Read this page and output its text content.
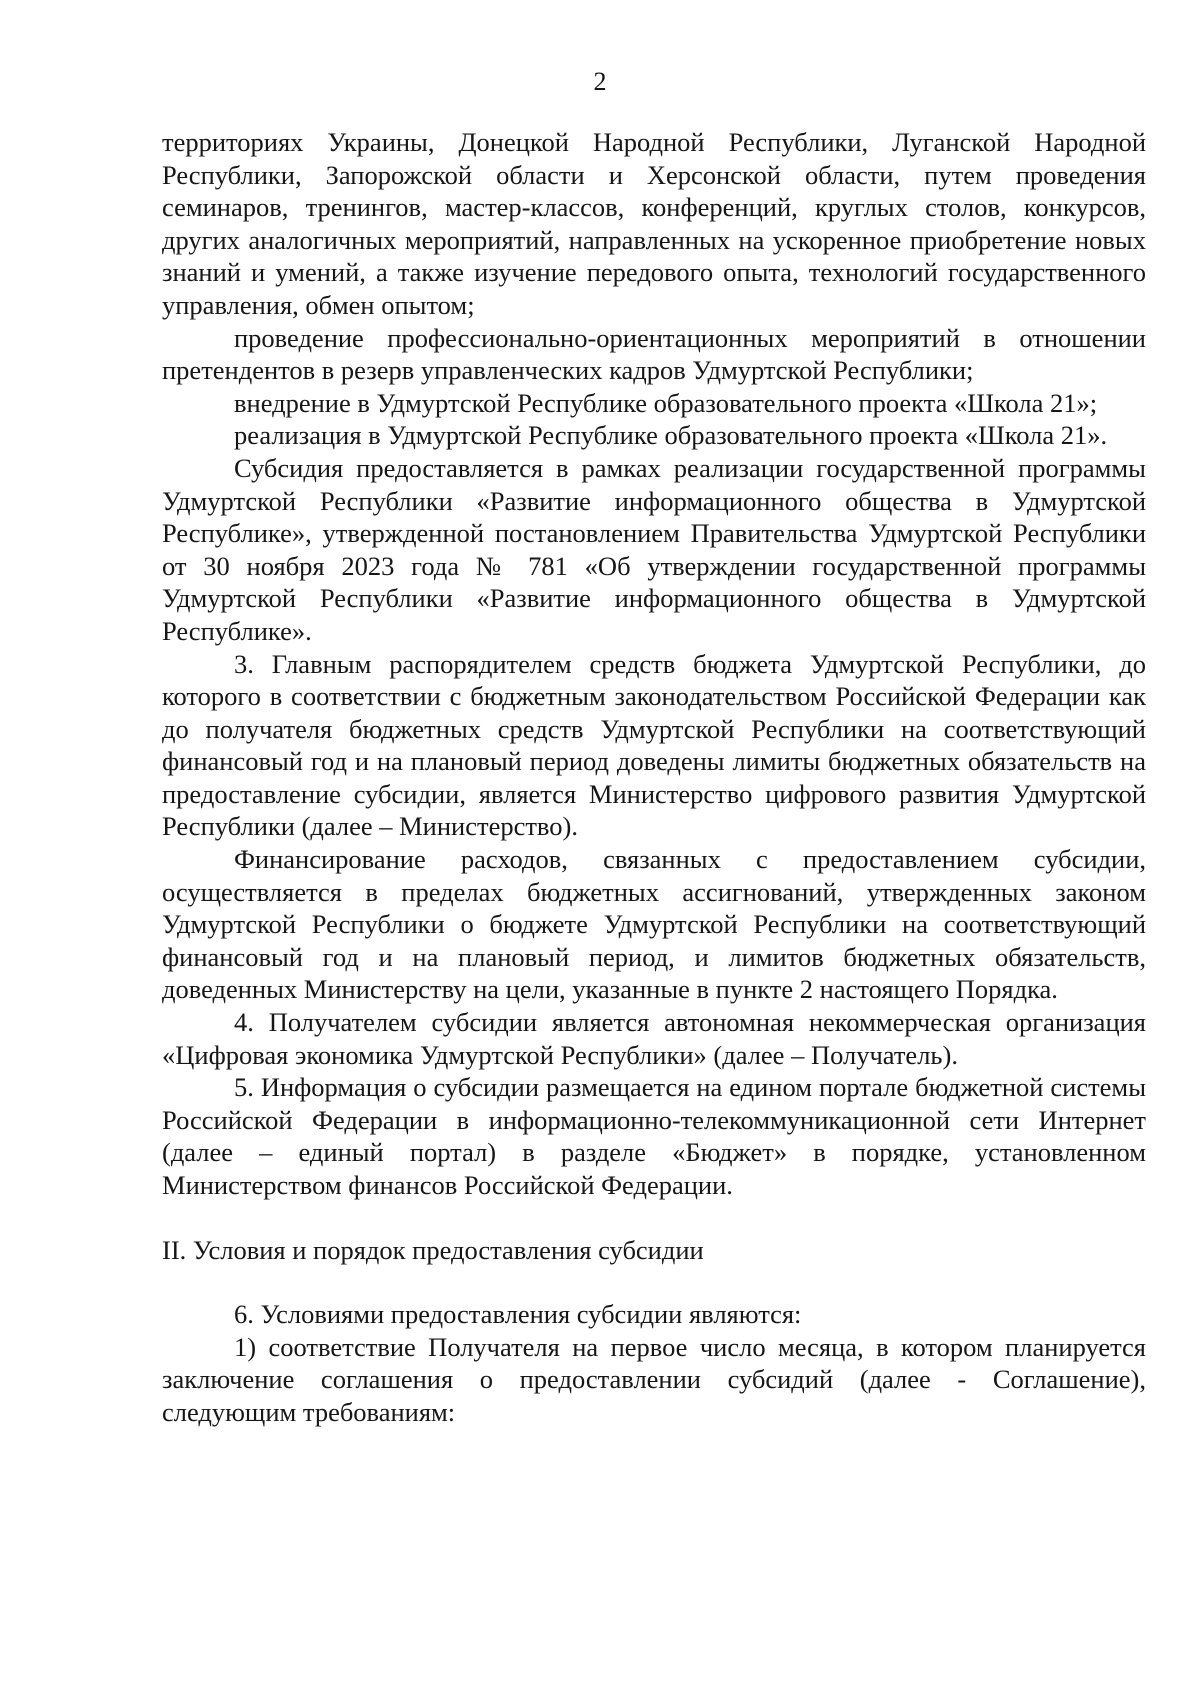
2

территориях Украины, Донецкой Народной Республики, Луганской Народной Республики, Запорожской области и Херсонской области, путем проведения семинаров, тренингов, мастер-классов, конференций, круглых столов, конкурсов, других аналогичных мероприятий, направленных на ускоренное приобретение новых знаний и умений, а также изучение передового опыта, технологий государственного управления, обмен опытом;

проведение профессионально-ориентационных мероприятий в отношении претендентов в резерв управленческих кадров Удмуртской Республики;

внедрение в Удмуртской Республике образовательного проекта «Школа 21»;

реализация в Удмуртской Республике образовательного проекта «Школа 21».

Субсидия предоставляется в рамках реализации государственной программы Удмуртской Республики «Развитие информационного общества в Удмуртской Республике», утвержденной постановлением Правительства Удмуртской Республики от 30 ноября 2023 года № 781 «Об утверждении государственной программы Удмуртской Республики «Развитие информационного общества в Удмуртской Республике».

3. Главным распорядителем средств бюджета Удмуртской Республики, до которого в соответствии с бюджетным законодательством Российской Федерации как до получателя бюджетных средств Удмуртской Республики на соответствующий финансовый год и на плановый период доведены лимиты бюджетных обязательств на предоставление субсидии, является Министерство цифрового развития Удмуртской Республики (далее – Министерство).

Финансирование расходов, связанных с предоставлением субсидии, осуществляется в пределах бюджетных ассигнований, утвержденных законом Удмуртской Республики о бюджете Удмуртской Республики на соответствующий финансовый год и на плановый период, и лимитов бюджетных обязательств, доведенных Министерству на цели, указанные в пункте 2 настоящего Порядка.

4. Получателем субсидии является автономная некоммерческая организация «Цифровая экономика Удмуртской Республики» (далее – Получатель).

5. Информация о субсидии размещается на едином портале бюджетной системы Российской Федерации в информационно-телекоммуникационной сети Интернет (далее – единый портал) в разделе «Бюджет» в порядке, установленном Министерством финансов Российской Федерации.

II. Условия и порядок предоставления субсидии

6. Условиями предоставления субсидии являются:

1) соответствие Получателя на первое число месяца, в котором планируется заключение соглашения о предоставлении субсидий (далее - Соглашение), следующим требованиям:
